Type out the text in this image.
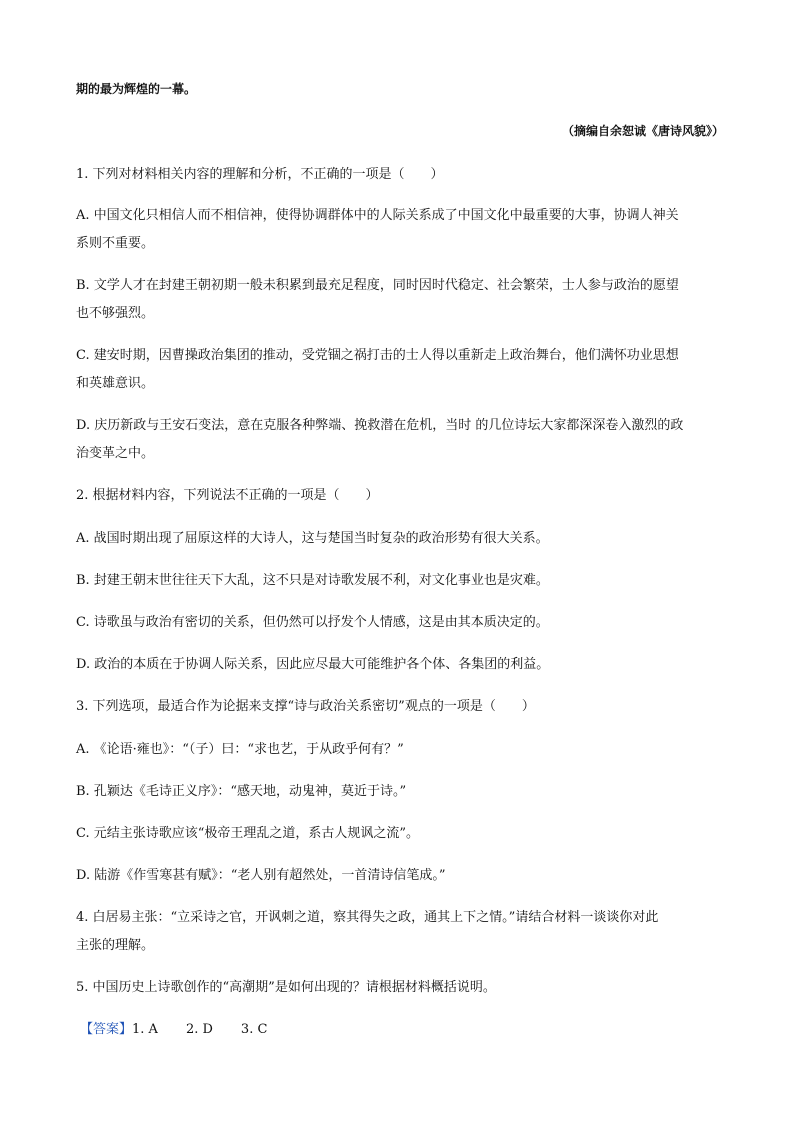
期的最为辉煌的一幕。
（摘编自余恕诚《唐诗风貌》）
1. 下列对材料相关内容的理解和分析，不正确的一项是（　　）
A. 中国文化只相信人而不相信神，使得协调群体中的人际关系成了中国文化中最重要的大事，协调人神关
系则不重要。
B. 文学人才在封建王朝初期一般未积累到最充足程度，同时因时代稳定、社会繁荣，士人参与政治的愿望
也不够强烈。
C. 建安时期，因曹操政治集团的推动，受党锢之祸打击的士人得以重新走上政治舞台，他们满怀功业思想
和英雄意识。
D. 庆历新政与王安石变法，意在克服各种弊端、挽救潜在危机，当时 的几位诗坛大家都深深卷入激烈的政
治变革之中。
2. 根据材料内容，下列说法不正确的一项是（　　）
A. 战国时期出现了屈原这样的大诗人，这与楚国当时复杂的政治形势有很大关系。
B. 封建王朝末世往往天下大乱，这不只是对诗歌发展不利，对文化事业也是灾难。
C. 诗歌虽与政治有密切的关系，但仍然可以抒发个人情感，这是由其本质决定的。
D. 政治的本质在于协调人际关系，因此应尽最大可能维护各个体、各集团的利益。
3. 下列选项，最适合作为论据来支撑“诗与政治关系密切”观点的一项是（　　）
A. 《论语·雍也》：“（子）曰：“求也艺，于从政乎何有？”
B. 孔颖达《毛诗正义序》：“感天地，动鬼神，莫近于诗。”
C. 元结主张诗歌应该“极帝王理乱之道，系古人规讽之流”。
D. 陆游《作雪寒甚有赋》：“老人别有超然处，一首清诗信笔成。”
4. 白居易主张：“立采诗之官，开讽刺之道，察其得失之政，通其上下之情。”请结合材料一谈谈你对此
主张的理解。
5. 中国历史上诗歌创作的“高潮期”是如何出现的？请根据材料概括说明。
【答案】1. A 2. D 3. C
